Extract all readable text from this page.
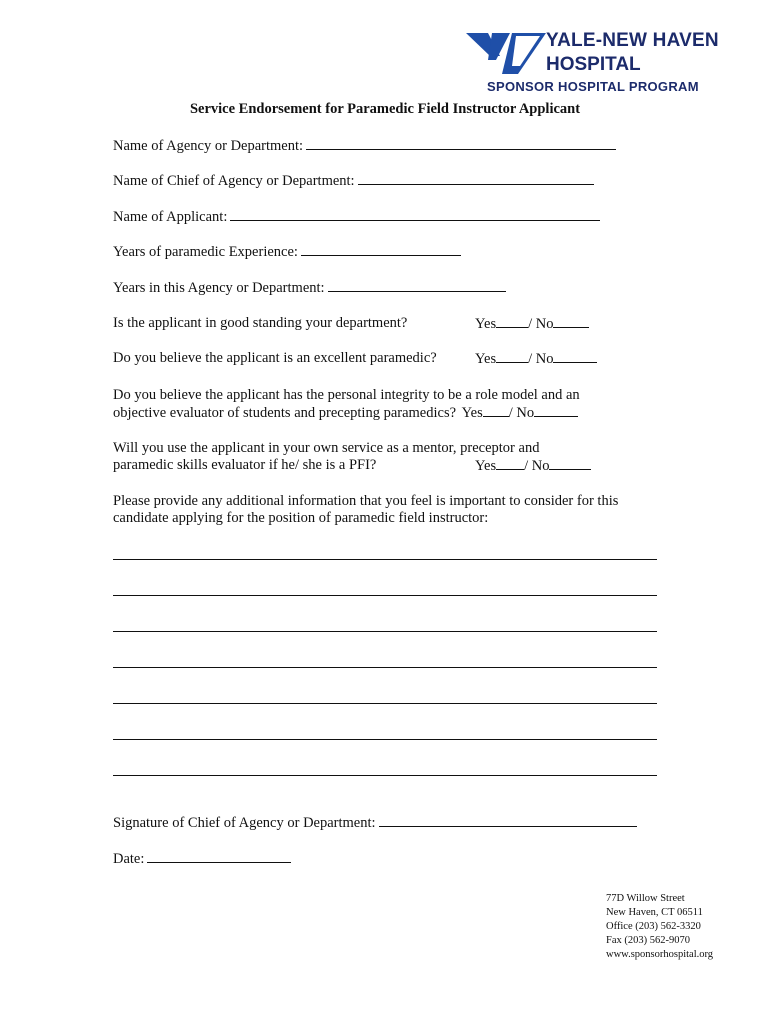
YALE-NEW HAVEN
HOSPITAL
SPONSOR HOSPITAL PROGRAM
Service Endorsement for Paramedic Field Instructor Applicant
Name of Agency or Department:
Name of Chief of Agency or Department:
Name of Applicant:
Years of paramedic Experience:
Years in this Agency or Department:
Is the applicant in good standing your department?	Yes / No
Do you believe the applicant is an excellent paramedic?	Yes / No
Do you believe the applicant has the personal integrity to be a role model and an
objective evaluator of students and precepting paramedics? Yes / No
Will you use the applicant in your own service as a mentor, preceptor and
paramedic skills evaluator if he/ she is a PFI?	Yes / No
Please provide any additional information that you feel is important to consider for this candidate applying for the position of paramedic field instructor:
Signature of Chief of Agency or Department:
Date:
77D Willow Street
New Haven, CT 06511
Office (203) 562-3320
Fax (203) 562-9070
www.sponsorhospital.org
